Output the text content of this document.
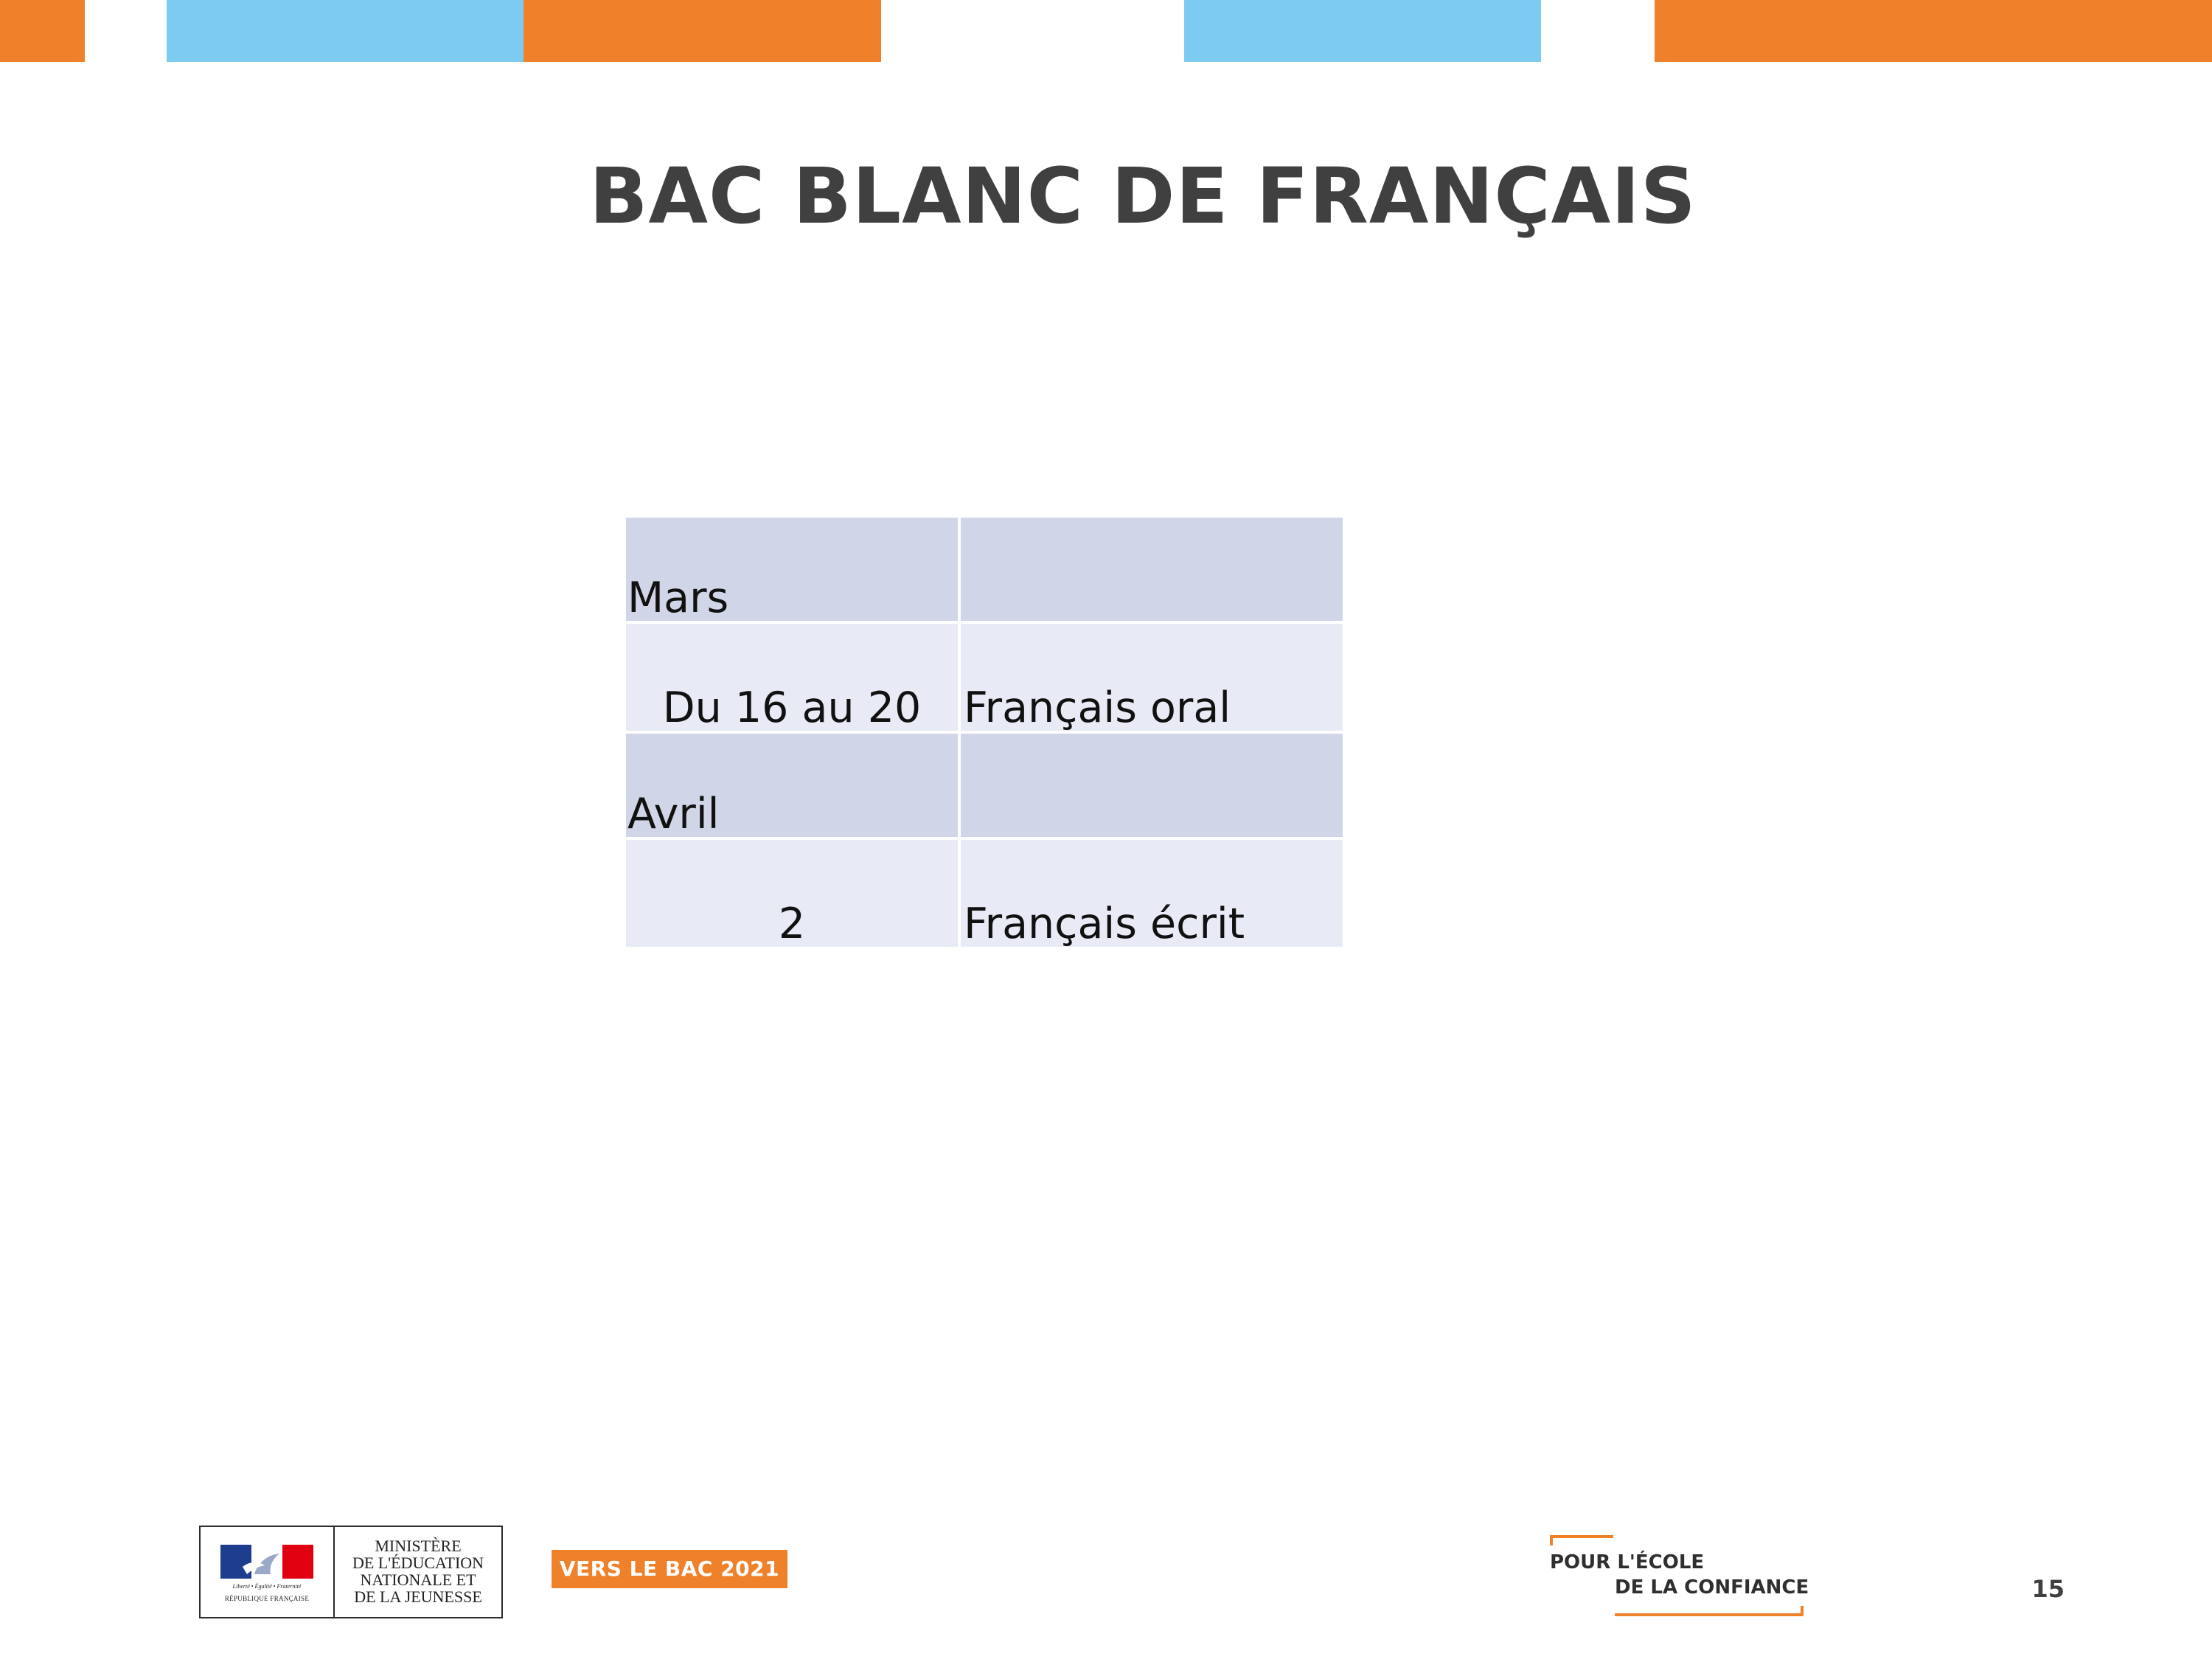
BAC BLANC DE FRANÇAIS
Mars	
Du 16 au 20	Français oral
Avril	
2	Français écrit
Liberté • Égalité • Fraternité
RÉPUBLIQUE FRANÇAISE
MINISTÈRE
DE L'ÉDUCATION
NATIONALE ET
DE LA JEUNESSE
VERS LE BAC 2021	POUR L'ÉCOLE
DE LA CONFIANCE	15
